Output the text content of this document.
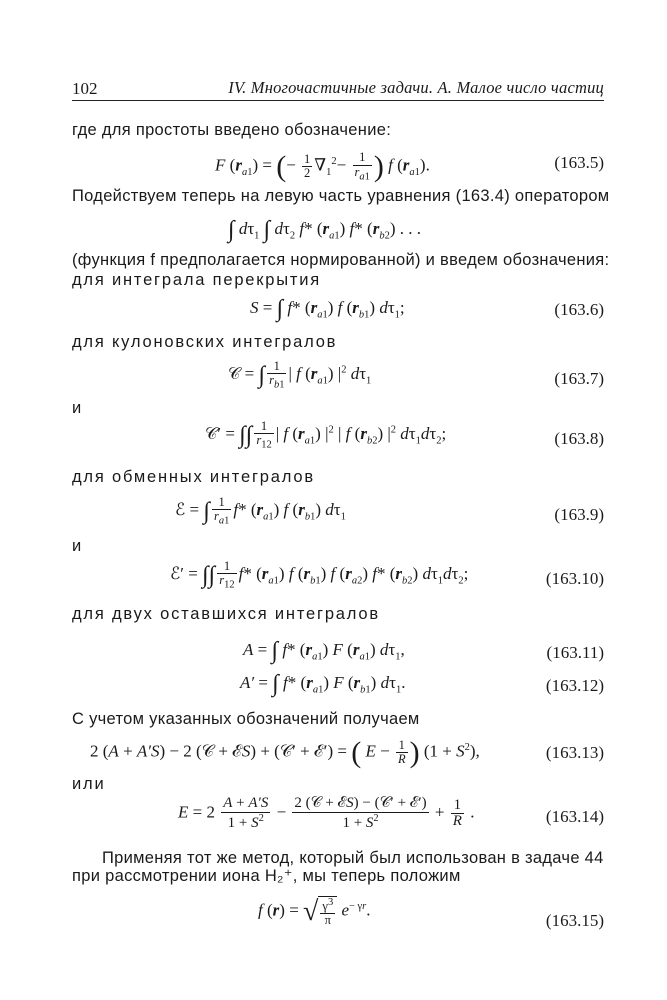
102	IV. Многочастичные задачи. А. Малое число частиц
где для простоты введено обозначение:
F $(r_{a1})$ = (− $\frac{1}{2} \nabla_1^2- \frac{1}{r_{a1}}$ ) f $(r_{a1})$.	(163.5)
Подействуем теперь на левую часть уравнения (163.4) оператором
∫ $d\tau_1$ ∫ $d\tau_2$ f* $(r_{a1})$ f* $(r_{b2})$ . . .
(функция f предполагается нормированной) и введем обозначения:
для интеграла перекрытия
S = ∫ f* $(r_{a1})$ f $(r_{b1})$ $d\tau_1$;	(163.6)
для кулоновских интегралов
𝒞 = ∫ $\frac{1}{r_{b1}}$ | f $(r_{a1})$ $|^2$ $d\tau_1$	(163.7)
и
𝒞′ = ∫∫ $\frac{1}{r_{12}}$ | f $(r_{a1})$ $|^2$ | f $(r_{b2})$ $|^2$ $d\tau_1d\tau_2$;	(163.8)
для обменных интегралов
ℰ = ∫ $\frac{1}{r_{a1}} f*$ $(r_{a1})$ f $(r_{b1})$ $d\tau_1$	(163.9)
и
ℰ′ = ∫∫ $\frac{1}{r_{12}} f*$ $(r_{a1})$ f $(r_{b1})$ f $(r_{a2})$ f* $(r_{b2})$ $d\tau_1d\tau_2$;	(163.10)
для двух оставшихся интегралов
A = ∫ f* $(r_{a1})$ F $(r_{a1})$ $d\tau_1$,	(163.11)
A′ = ∫ f* $(r_{a1})$ F $(r_{b1})$ $d\tau_1$.	(163.12)
С учетом указанных обозначений получаем
2 (A + A′S) − 2 (𝒞 + ℰS) + (𝒞′ + ℰ′) = ( $E - \frac{1}{R}$ ) $(1 + S^2)$,	(163.13)
или
$E = 2 \frac{A + A'S}{1 + S^2} - \frac{\text{2 (𝒞 + ℰS) − (𝒞′ + ℰ′)}}{1 + S^2} + \frac{1}{R}$ .	(163.14)
Применяя тот же метод, который был использован в задаче 44
при рассмотрении иона H₂⁺, мы теперь положим
f (r) = √ $\frac{\gamma^3}{\pi} e^{- \gamma r}$.
(163.15)
